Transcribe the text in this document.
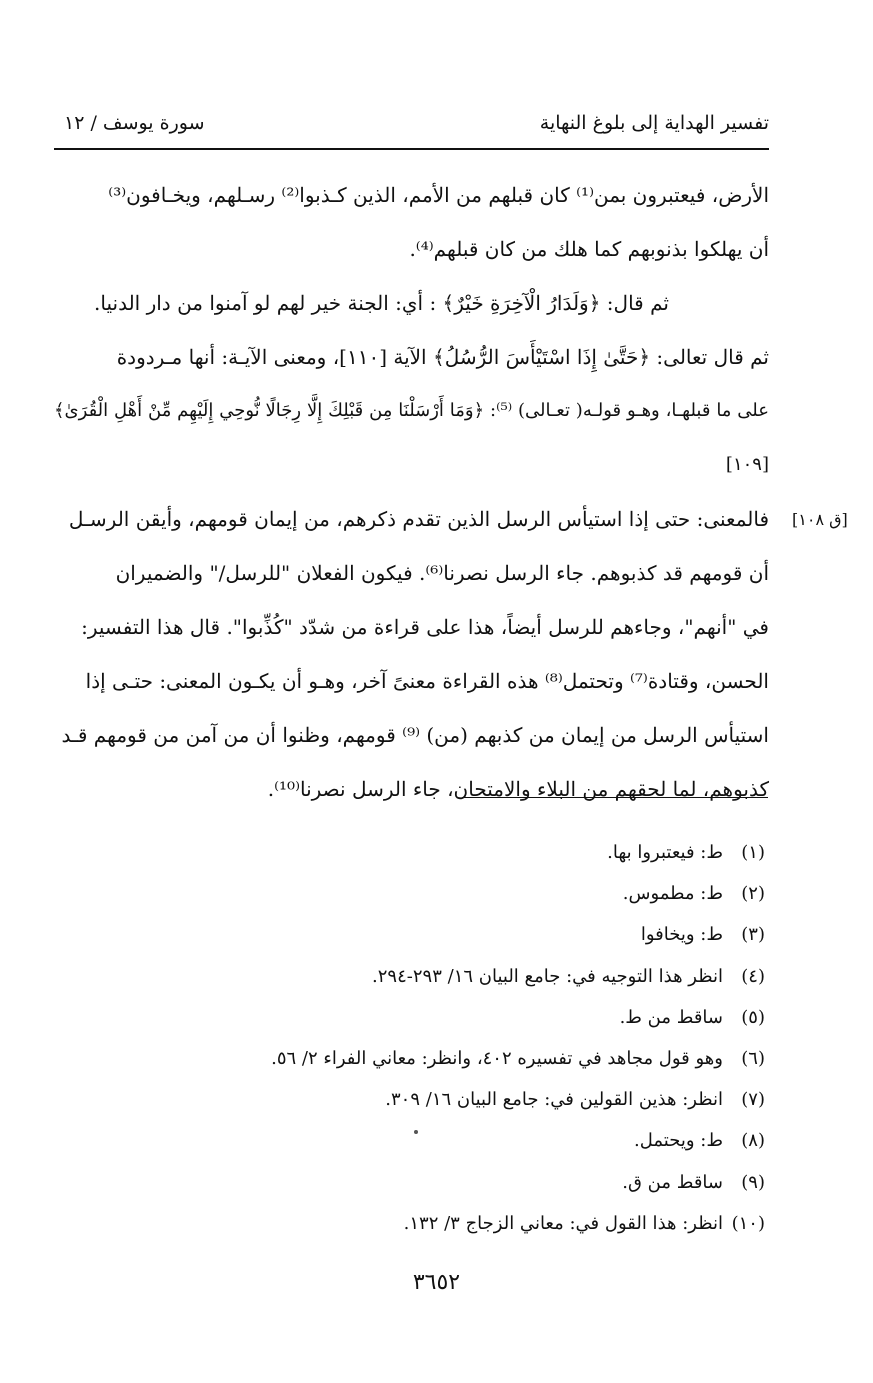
تفسير الهداية إلى بلوغ النهاية
سورة يوسف / ١٢

الأرض، فيعتبرون بمن⁽¹⁾ كان قبلهم من الأمم، الذين كـذبوا⁽²⁾ رسـلهم، ويخـافون⁽³⁾

أن يهلكوا بذنوبهم كما هلك من كان قبلهم⁽⁴⁾.

ثم قال: ﴿وَلَدَارُ الْآخِرَةِ خَيْرٌ﴾ : أي: الجنة خير لهم لو آمنوا من دار الدنيا.

ثم قال تعالى: ﴿حَتَّىٰ إِذَا اسْتَيْأَسَ الرُّسُلُ﴾ الآية [١١٠]، ومعنى الآيـة: أنها مـردودة

على ما قبلهـا، وهـو قولـه( تعـالى) ⁽⁵⁾: ﴿وَمَا أَرْسَلْنَا مِن قَبْلِكَ إِلَّا رِجَالًا نُّوحِي إِلَيْهِم مِّنْ أَهْلِ الْقُرَىٰ﴾ [١٠٩]

فالمعنى: حتى إذا استيأس الرسل الذين تقدم ذكرهم، من إيمان قومهم، وأيقن الرسـل

أن قومهم قد كذبوهم. جاء الرسل نصرنا⁽⁶⁾. فيكون الفعلان "للرسل/" والضميران

في "أنهم"، وجاءهم للرسل أيضاً، هذا على قراءة من شدّد "كُذِّبوا". قال هذا التفسير:

الحسن، وقتادة⁽⁷⁾ وتحتمل⁽⁸⁾ هذه القراءة معنىً آخر، وهـو أن يكـون المعنى: حتـى إذا

استيأس الرسل من إيمان من كذبهم (من) ⁽⁹⁾ قومهم، وظنوا أن من آمن من قومهم قـد

كذبوهم، لما لحقهم من البلاء والامتحان، جاء الرسل نصرنا⁽¹⁰⁾.

[ق ١٠٨]
(١)ط: فيعتبروا بها.
(٢)ط: مطموس.
(٣)ط: ويخافوا
(٤)انظر هذا التوجيه في: جامع البيان ١٦/ ٢٩٣-٢٩٤.
(٥)ساقط من ط.
(٦)وهو قول مجاهد في تفسيره ٤٠٢، وانظر: معاني الفراء ٢/ ٥٦.
(٧)انظر: هذين القولين في: جامع البيان ١٦/ ٣٠٩.
(٨)ط: ويحتمل.
(٩)ساقط من ق.
(١٠)انظر: هذا القول في: معاني الزجاج ٣/ ١٣٢.
٣٦٥٢
